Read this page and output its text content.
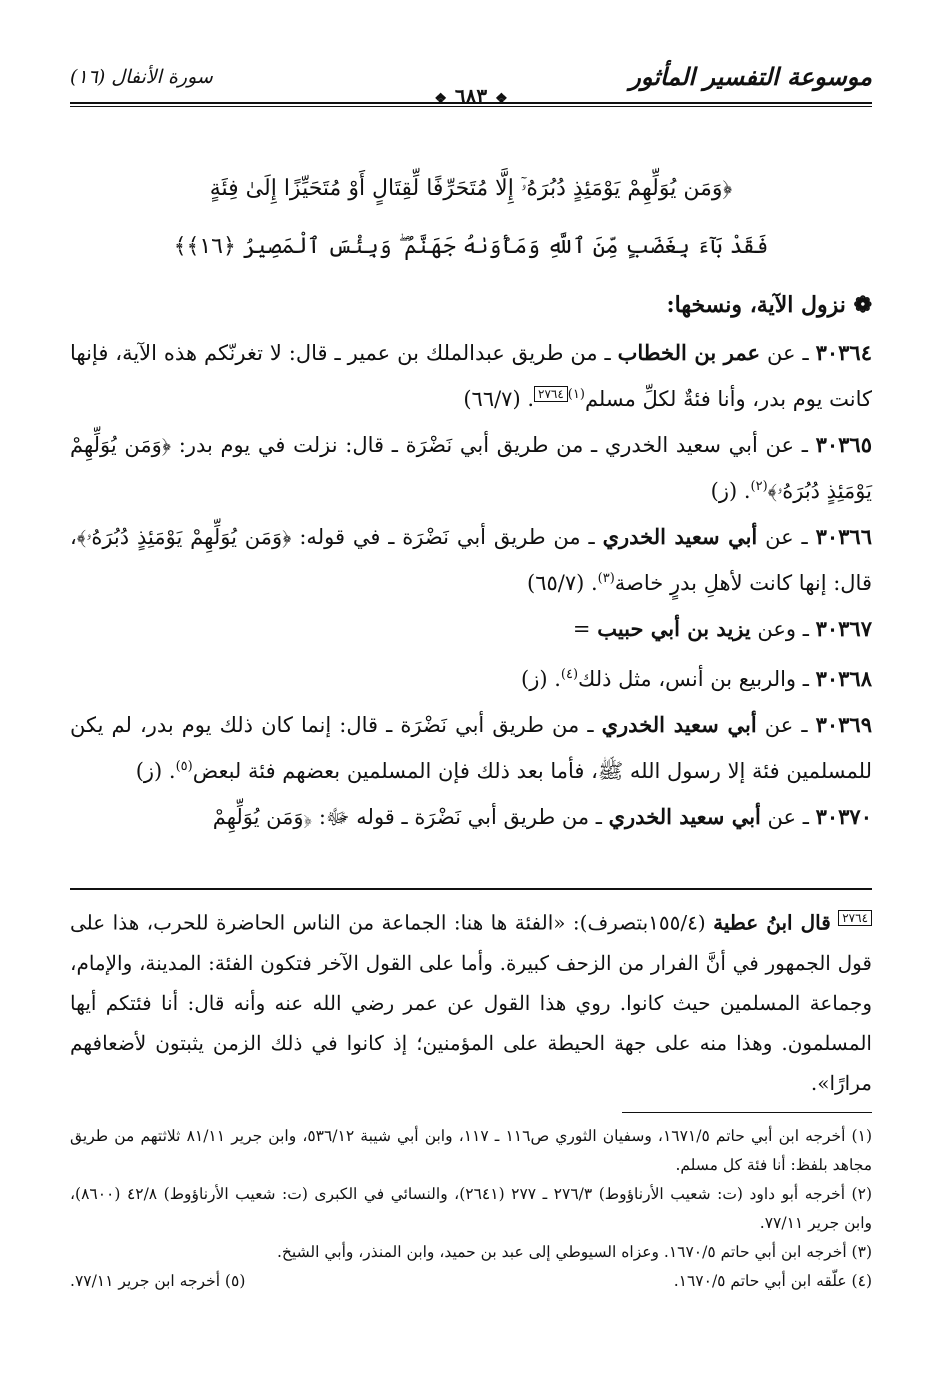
موسوعة التفسير المأثور
❖٦٨٣❖
سورة الأنفال (١٦)
﴿وَمَن يُوَلِّهِمْ يَوْمَئِذٍ دُبُرَهُۥٓ إِلَّا مُتَحَرِّفًا لِّقِتَالٍ أَوْ مُتَحَيِّزًا إِلَىٰ فِئَةٍ
فَقَدْ بَآءَ بِغَضَبٍ مِّنَ ٱللَّهِ وَمَأْوَىٰهُ جَهَنَّمُ ۖ وَبِئْسَ ٱلْمَصِيرُ ﴿١٦﴾﴾
❁ نزول الآية، ونسخها:
٣٠٣٦٤ ـ عن عمر بن الخطاب ـ من طريق عبدالملك بن عمير ـ قال: لا تغرنّكم هذه الآية، فإنها كانت يوم بدر، وأنا فئةٌ لكلِّ مسلم$^{(١)٢٧٦٤}$. (٦٦/٧)
٣٠٣٦٥ ـ عن أبي سعيد الخدري ـ من طريق أبي نَضْرَة ـ قال: نزلت في يوم بدر: ﴿وَمَن يُوَلِّهِمْ يَوْمَئِذٍ دُبُرَهُۥ﴾$^{(٢)}$. (ز)
٣٠٣٦٦ ـ عن أبي سعيد الخدري ـ من طريق أبي نَضْرَة ـ في قوله: ﴿وَمَن يُوَلِّهِمْ يَوْمَئِذٍ دُبُرَهُۥ﴾، قال: إنها كانت لأهلِ بدرٍ خاصة$^{(٣)}$. (٦٥/٧)
٣٠٣٦٧ ـ وعن يزيد بن أبي حبيب =
٣٠٣٦٨ ـ والربيع بن أنس، مثل ذلك$^{(٤)}$. (ز)
٣٠٣٦٩ ـ عن أبي سعيد الخدري ـ من طريق أبي نَضْرَة ـ قال: إنما كان ذلك يوم بدر، لم يكن للمسلمين فئة إلا رسول الله ﷺ، فأما بعد ذلك فإن المسلمين بعضهم فئة لبعض$^{(٥)}$. (ز)
٣٠٣٧٠ ـ عن أبي سعيد الخدري ـ من طريق أبي نَضْرَة ـ قوله ﷻ: ﴿وَمَن يُوَلِّهِمْ
$^{٢٧٦٤}$ قال ابنُ عطية (١٥٥/٤بتصرف): «الفئة ها هنا: الجماعة من الناس الحاضرة للحرب، هذا على قول الجمهور في أنَّ الفرار من الزحف كبيرة. وأما على القول الآخر فتكون الفئة: المدينة، والإمام، وجماعة المسلمين حيث كانوا. روي هذا القول عن عمر رضي الله عنه وأنه قال: أنا فئتكم أيها المسلمون. وهذا منه على جهة الحيطة على المؤمنين؛ إذ كانوا في ذلك الزمن يثبتون لأضعافهم مرارًا».

(١) أخرجه ابن أبي حاتم ١٦٧١/٥، وسفيان الثوري ص١١٦ ـ ١١٧، وابن أبي شيبة ٥٣٦/١٢، وابن جرير ٨١/١١ ثلاثتهم من طريق مجاهد بلفظ: أنا فئة كل مسلم.

(٢) أخرجه أبو داود (ت: شعيب الأرناؤوط) ٢٧٦/٣ ـ ٢٧٧ (٢٦٤١)، والنسائي في الكبرى (ت: شعيب الأرناؤوط) ٤٢/٨ (٨٦٠٠)، وابن جرير ٧٧/١١.

(٣) أخرجه ابن أبي حاتم ١٦٧٠/٥. وعزاه السيوطي إلى عبد بن حميد، وابن المنذر، وأبي الشيخ.

(٤) علّقه ابن أبي حاتم ١٦٧٠/٥.
(٥) أخرجه ابن جرير ٧٧/١١.
